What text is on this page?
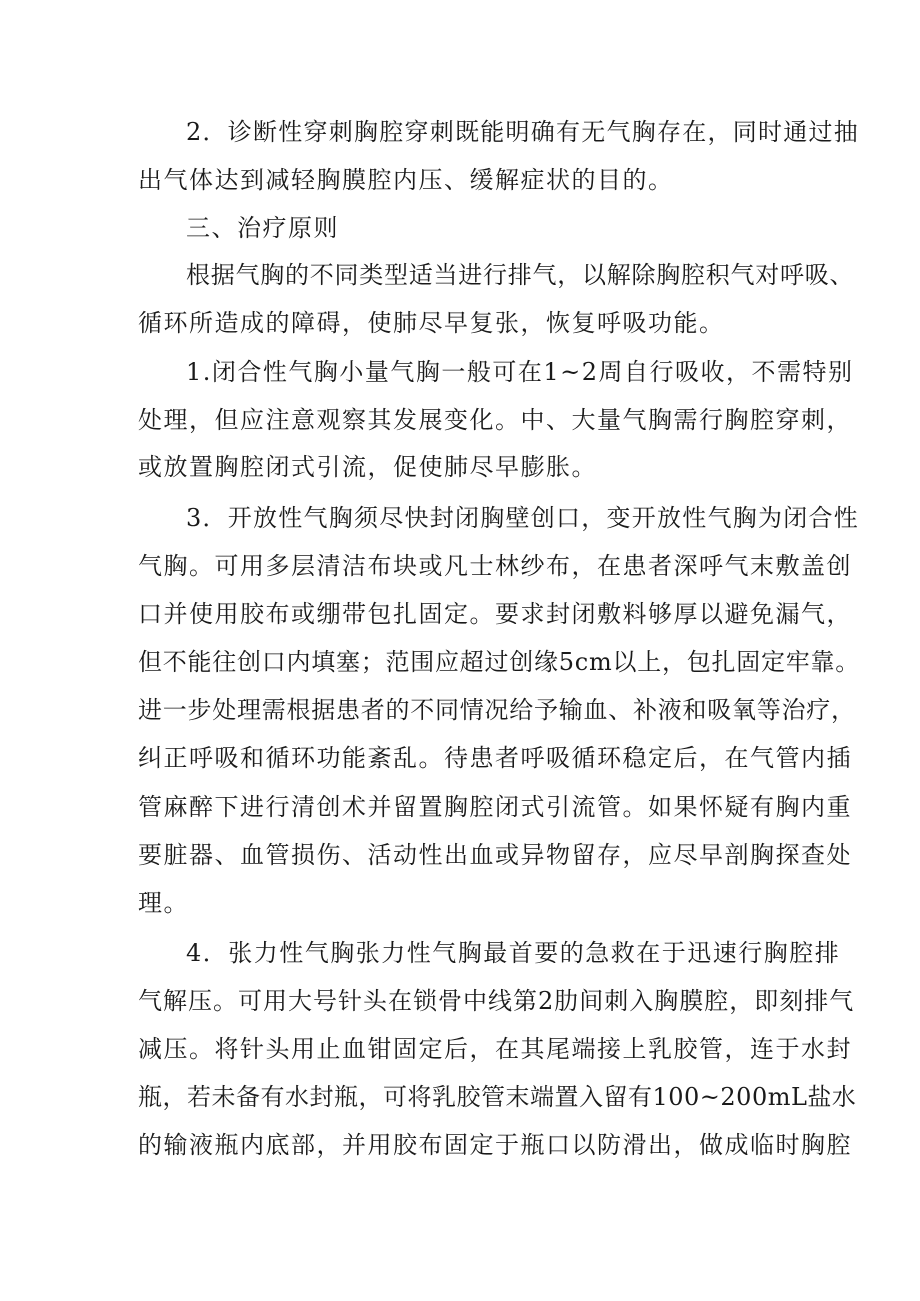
2．诊断性穿刺胸腔穿刺既能明确有无气胸存在，同时通过抽
出气体达到减轻胸膜腔内压、缓解症状的目的。
三、治疗原则
根据气胸的不同类型适当进行排气，以解除胸腔积气对呼吸、
循环所造成的障碍，使肺尽早复张，恢复呼吸功能。
1.闭合性气胸小量气胸一般可在1~2周自行吸收，不需特别
处理，但应注意观察其发展变化。中、大量气胸需行胸腔穿刺，
或放置胸腔闭式引流，促使肺尽早膨胀。
3．开放性气胸须尽快封闭胸壁创口，变开放性气胸为闭合性
气胸。可用多层清洁布块或凡士林纱布，在患者深呼气末敷盖创
口并使用胶布或绷带包扎固定。要求封闭敷料够厚以避免漏气，
但不能往创口内填塞；范围应超过创缘5cm以上，包扎固定牢靠。
进一步处理需根据患者的不同情况给予输血、补液和吸氧等治疗，
纠正呼吸和循环功能紊乱。待患者呼吸循环稳定后，在气管内插
管麻醉下进行清创术并留置胸腔闭式引流管。如果怀疑有胸内重
要脏器、血管损伤、活动性出血或异物留存，应尽早剖胸探查处
理。
4．张力性气胸张力性气胸最首要的急救在于迅速行胸腔排
气解压。可用大号针头在锁骨中线第2肋间刺入胸膜腔，即刻排气
减压。将针头用止血钳固定后，在其尾端接上乳胶管，连于水封
瓶，若未备有水封瓶，可将乳胶管末端置入留有100~200mL盐水
的输液瓶内底部，并用胶布固定于瓶口以防滑出，做成临时胸腔
